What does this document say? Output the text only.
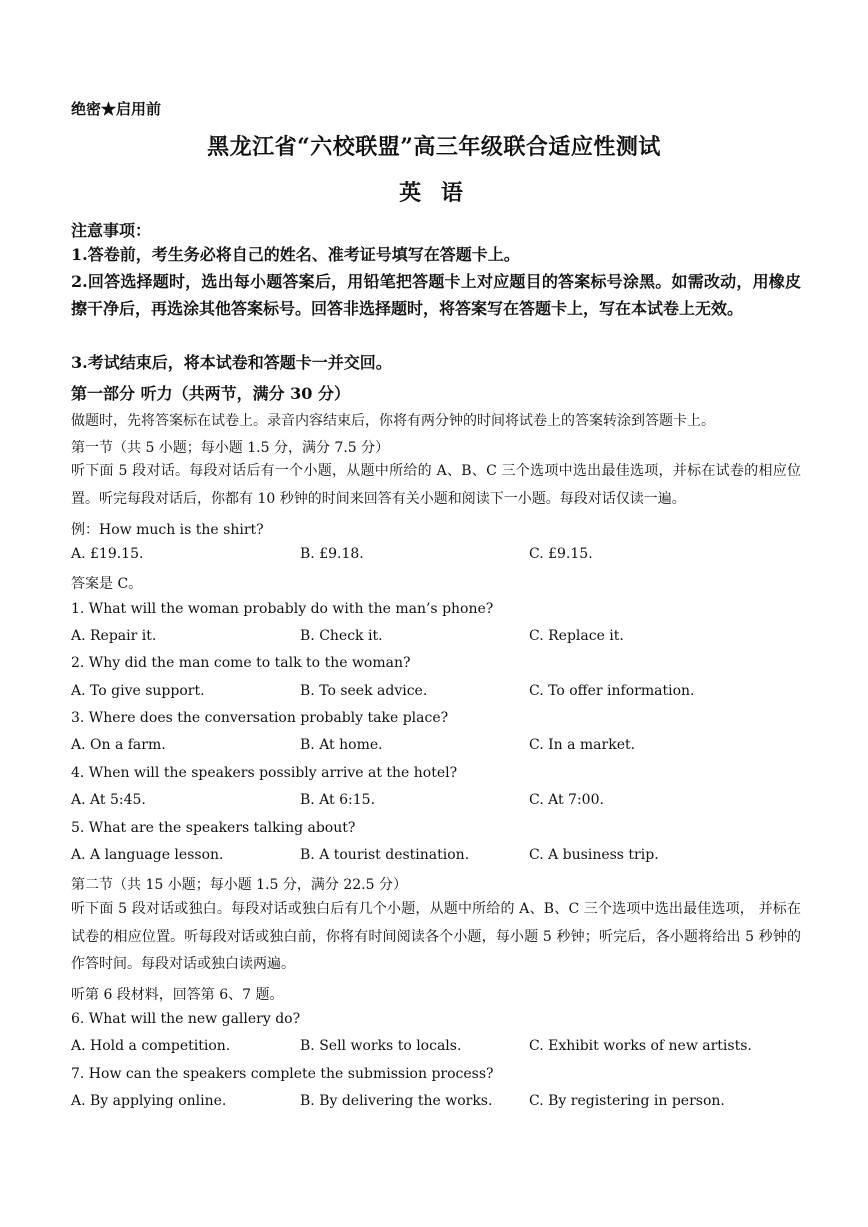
绝密★启用前
黑龙江省“六校联盟”高三年级联合适应性测试
英 语
注意事项：
1.答卷前，考生务必将自己的姓名、准考证号填写在答题卡上。
2.回答选择题时，选出每小题答案后，用铅笔把答题卡上对应题目的答案标号涂黑。如需改动，用橡皮擦干净后，再选涂其他答案标号。回答非选择题时，将答案写在答题卡上，写在本试卷上无效。
3.考试结束后，将本试卷和答题卡一并交回。
第一部分 听力（共两节，满分 30 分）
做题时，先将答案标在试卷上。录音内容结束后，你将有两分钟的时间将试卷上的答案转涂到答题卡上。
第一节（共 5 小题；每小题 1.5 分，满分 7.5 分）
听下面 5 段对话。每段对话后有一个小题，从题中所给的 A、B、C 三个选项中选出最佳选项，并标在试卷的相应位置。听完每段对话后，你都有 10 秒钟的时间来回答有关小题和阅读下一小题。每段对话仅读一遍。
例：How much is the shirt?
A. £19.15.	B. £9.18.	C. £9.15.
答案是 C。
1. What will the woman probably do with the man’s phone?
A. Repair it.	B. Check it.	C. Replace it.
2. Why did the man come to talk to the woman?
A. To give support.	B. To seek advice.	C. To offer information.
3. Where does the conversation probably take place?
A. On a farm.	B. At home.	C. In a market.
4. When will the speakers possibly arrive at the hotel?
A. At 5:45.	B. At 6:15.	C. At 7:00.
5. What are the speakers talking about?
A. A language lesson.	B. A tourist destination.	C. A business trip.
第二节（共 15 小题；每小题 1.5 分，满分 22.5 分）
听下面 5 段对话或独白。每段对话或独白后有几个小题，从题中所给的 A、B、C 三个选项中选出最佳选项， 并标在试卷的相应位置。听每段对话或独白前，你将有时间阅读各个小题，每小题 5 秒钟；听完后，各小题将给出 5 秒钟的作答时间。每段对话或独白读两遍。
听第 6 段材料，回答第 6、7 题。
6. What will the new gallery do?
A. Hold a competition.	B. Sell works to locals.	C. Exhibit works of new artists.
7. How can the speakers complete the submission process?
A. By applying online.	B. By delivering the works.	C. By registering in person.
